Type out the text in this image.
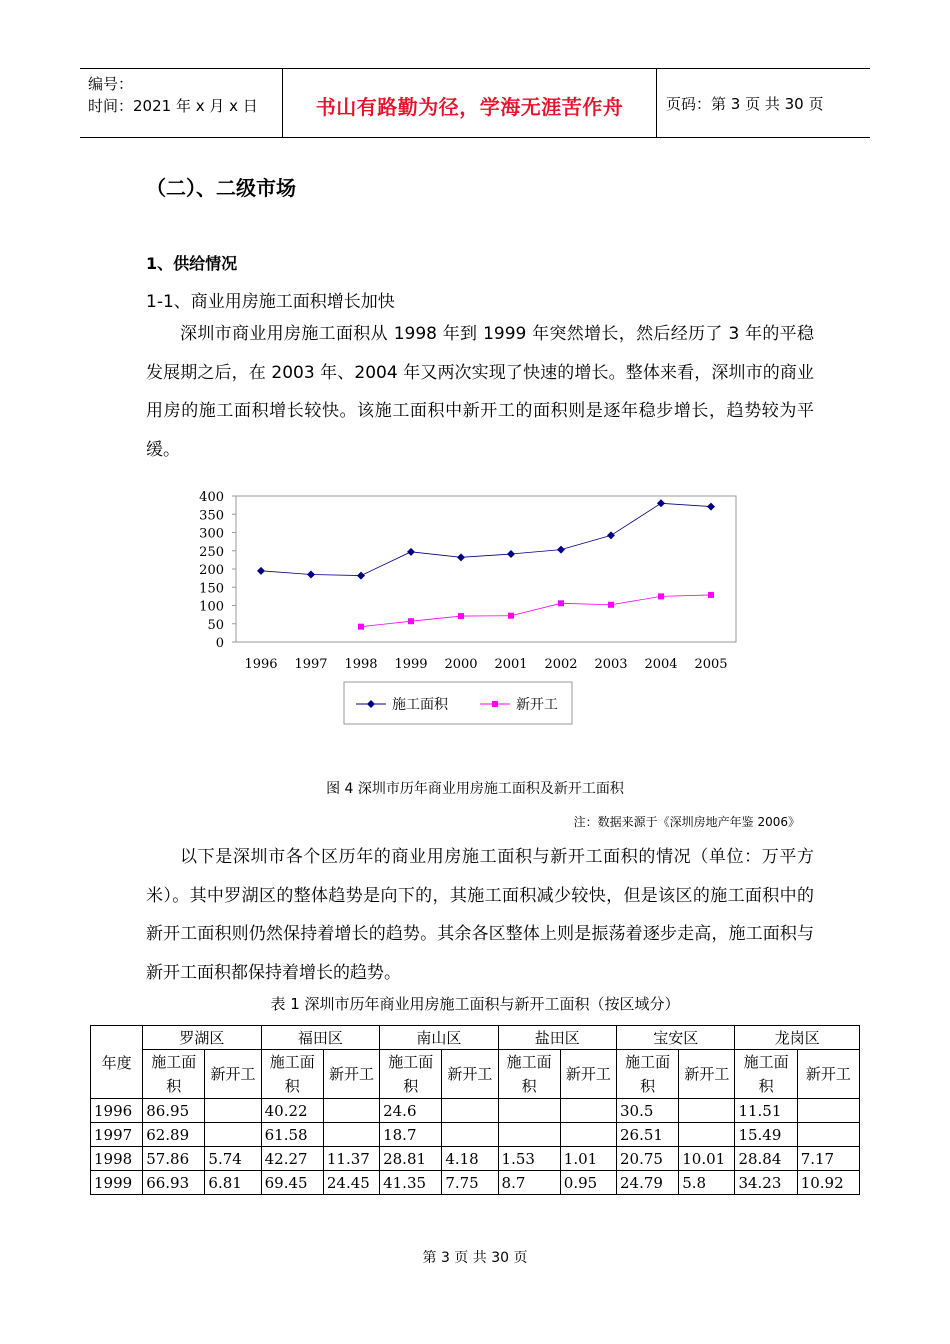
编号：
时间：2021 年 x 月 x 日	书山有路勤为径，学海无涯苦作舟	页码：第 3 页 共 30 页
（二）、二级市场
1、供给情况
1-1、商业用房施工面积增长加快
深圳市商业用房施工面积从 1998 年到 1999 年突然增长，然后经历了 3 年的平稳发展期之后，在 2003 年、2004 年又两次实现了快速的增长。整体来看，深圳市的商业用房的施工面积增长较快。该施工面积中新开工的面积则是逐年稳步增长，趋势较为平缓。
0
50
100
150
200
250
300
350
400
1996 1997 1998 1999 2000 2001 2002 2003 2004 2005
施工面积	新开工
图 4 深圳市历年商业用房施工面积及新开工面积
注：数据来源于《深圳房地产年鉴 2006》
以下是深圳市各个区历年的商业用房施工面积与新开工面积的情况（单位：万平方米）。其中罗湖区的整体趋势是向下的，其施工面积减少较快，但是该区的施工面积中的新开工面积则仍然保持着增长的趋势。其余各区整体上则是振荡着逐步走高，施工面积与新开工面积都保持着增长的趋势。
表 1 深圳市历年商业用房施工面积与新开工面积（按区域分）
年度	罗湖区		福田区		南山区		盐田区		宝安区		龙岗区	
	施工面积	新开工	施工面积	新开工	施工面积	新开工	施工面积	新开工	施工面积	新开工	施工面积	新开工
1996	86.95		40.22		24.6				30.5		11.51	
1997	62.89		61.58		18.7				26.51		15.49	
1998	57.86	5.74	42.27	11.37	28.81	4.18	1.53	1.01	20.75	10.01	28.84	7.17
1999	66.93	6.81	69.45	24.45	41.35	7.75	8.7	0.95	24.79	5.8	34.23	10.92
第 3 页 共 30 页
